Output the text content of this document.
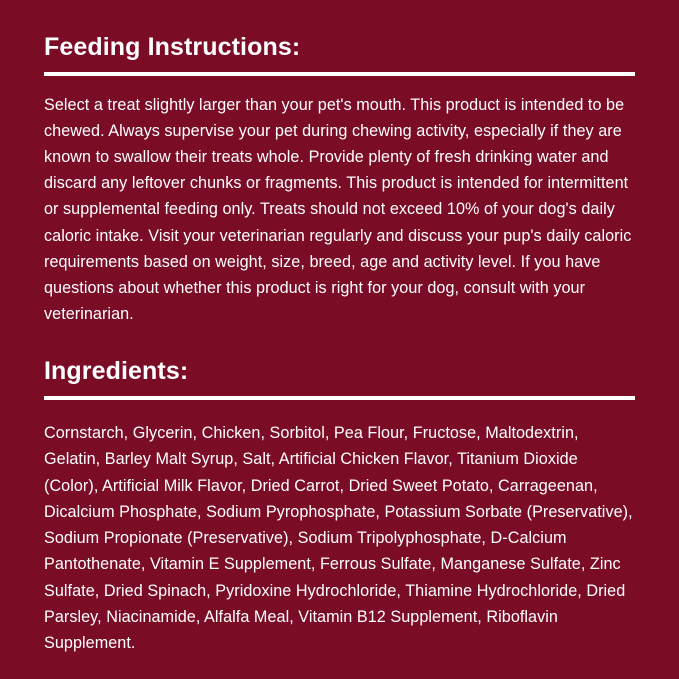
Feeding Instructions:

Select a treat slightly larger than your pet's mouth. This product is intended to be chewed. Always supervise your pet during chewing activity, especially if they are known to swallow their treats whole. Provide plenty of fresh drinking water and discard any leftover chunks or fragments. This product is intended for intermittent or supplemental feeding only. Treats should not exceed 10% of your dog's daily caloric intake. Visit your veterinarian regularly and discuss your pup's daily caloric requirements based on weight, size, breed, age and activity level. If you have questions about whether this product is right for your dog, consult with your veterinarian.

Ingredients:

Cornstarch, Glycerin, Chicken, Sorbitol, Pea Flour, Fructose, Maltodextrin, Gelatin, Barley Malt Syrup, Salt, Artificial Chicken Flavor, Titanium Dioxide (Color), Artificial Milk Flavor, Dried Carrot, Dried Sweet Potato, Carrageenan, Dicalcium Phosphate, Sodium Pyrophosphate, Potassium Sorbate (Preservative), Sodium Propionate (Preservative), Sodium Tripolyphosphate, D-Calcium Pantothenate, Vitamin E Supplement, Ferrous Sulfate, Manganese Sulfate, Zinc Sulfate, Dried Spinach, Pyridoxine Hydrochloride, Thiamine Hydrochloride, Dried Parsley, Niacinamide, Alfalfa Meal, Vitamin B12 Supplement, Riboflavin Supplement.
